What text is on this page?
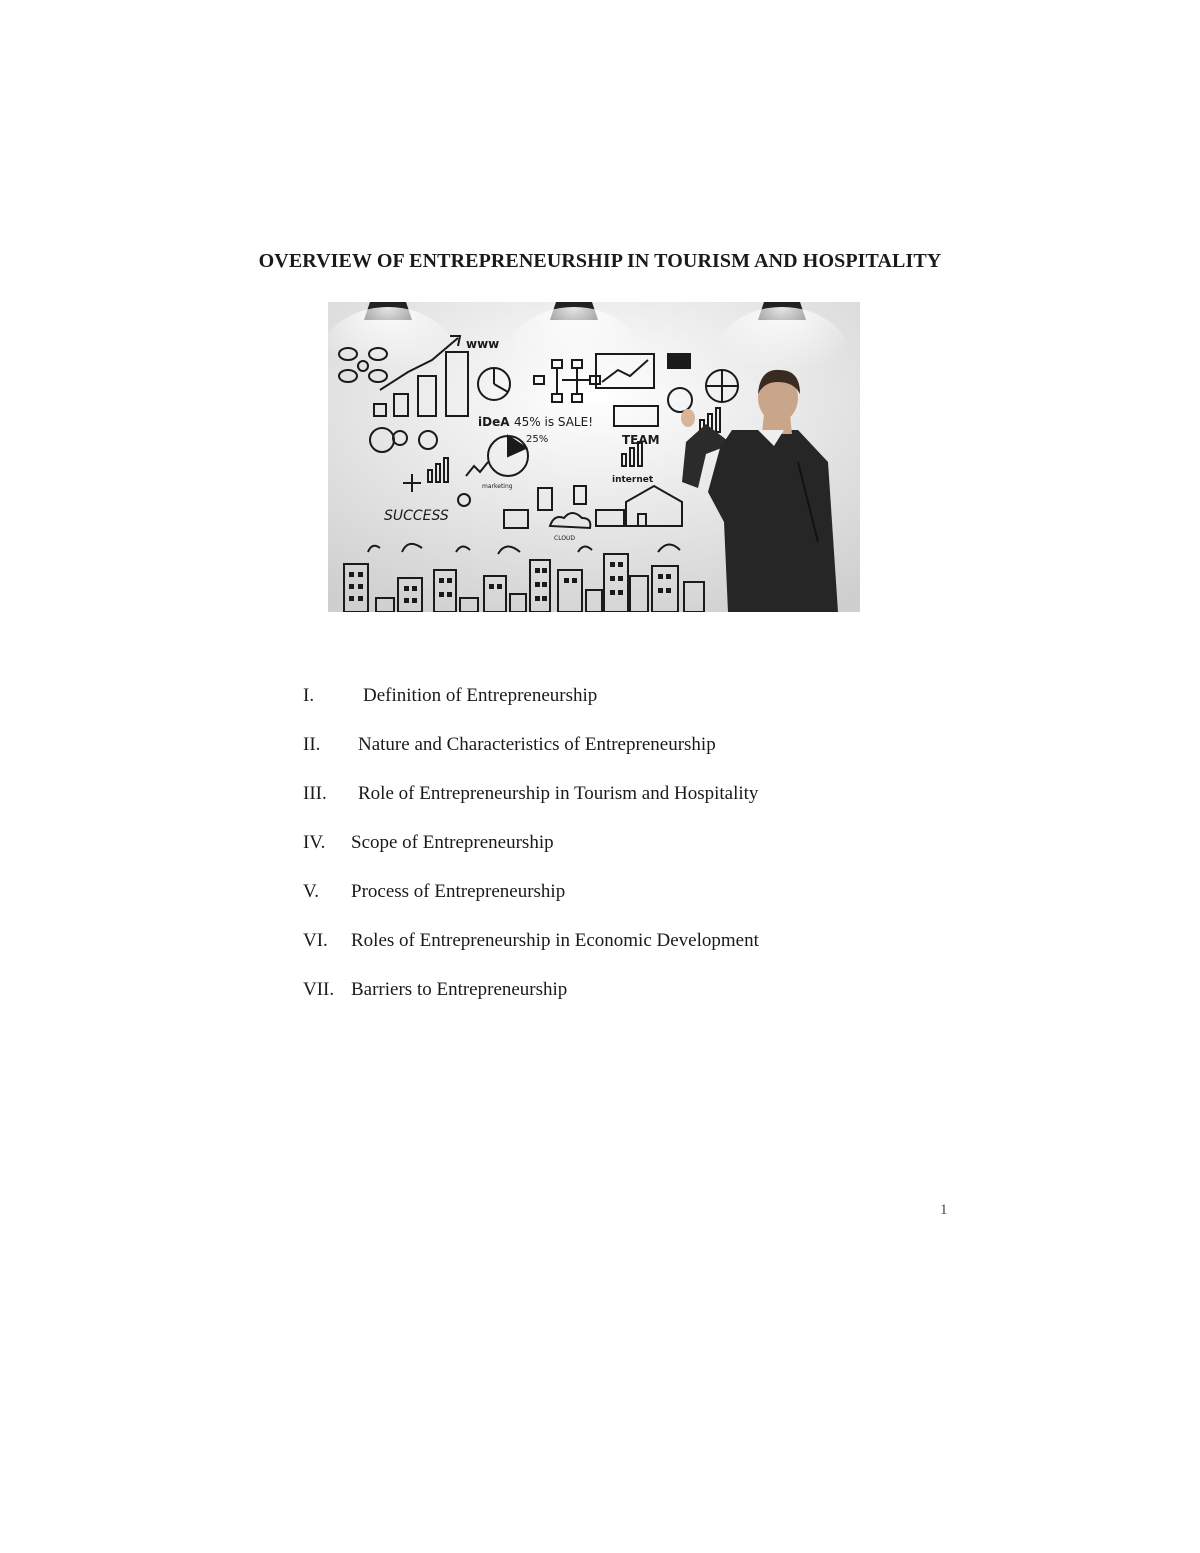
OVERVIEW OF ENTREPRENEURSHIP IN TOURISM AND HOSPITALITY
www
iDeA 45% is SALE!
25%	TEAM
internet
marketing
SUCCESS
CLOUD
I.	Definition of Entrepreneurship
II. Nature and Characteristics of Entrepreneurship
III. Role of Entrepreneurship in Tourism and Hospitality
IV. Scope of Entrepreneurship
V. Process of Entrepreneurship
VI. Roles of Entrepreneurship in Economic Development
VII. Barriers to Entrepreneurship
1
